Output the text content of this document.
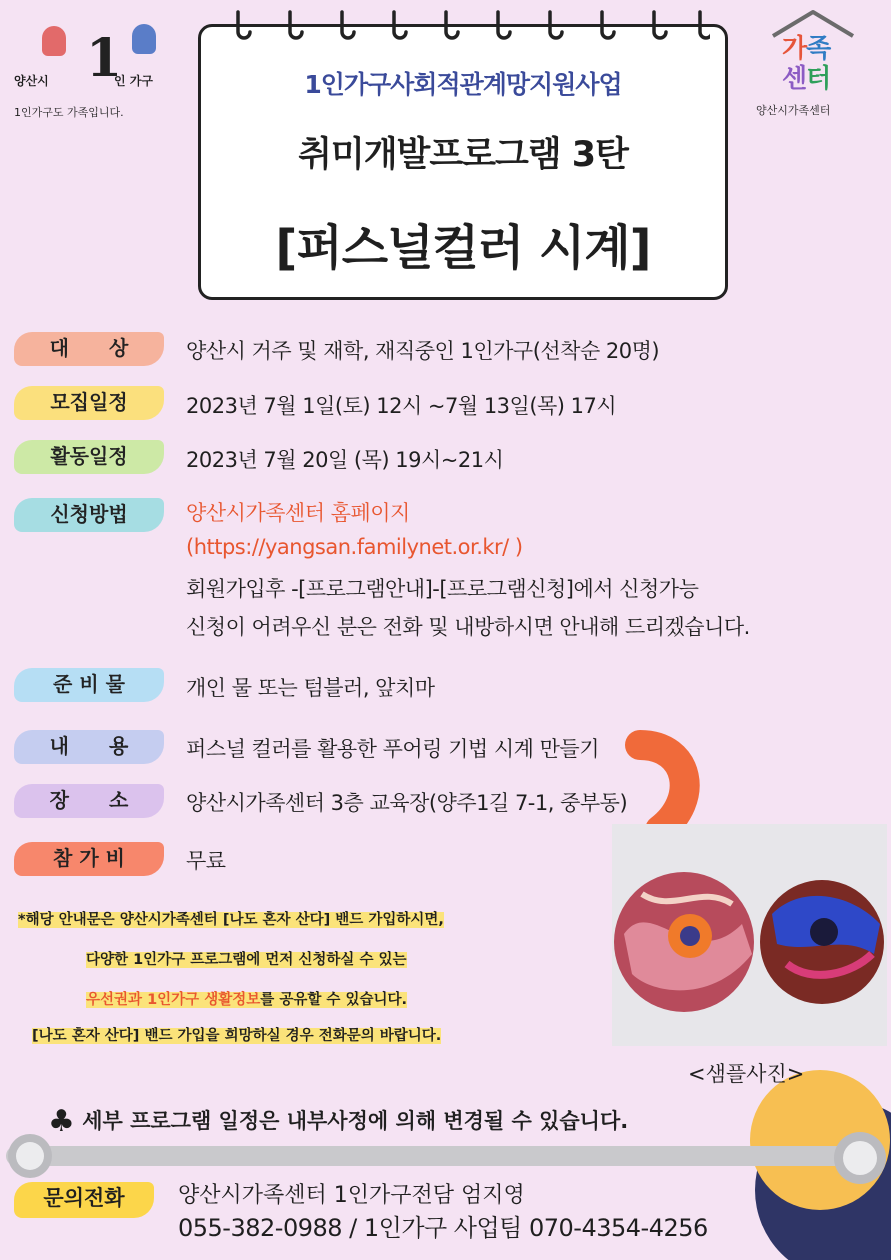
1
양산시	인 가구
1인가구도 가족입니다.
가족
센터
양산시가족센터
1인가구사회적관계망지원사업
취미개발프로그램 3탄
[퍼스널컬러 시계]
대　　상	양산시 거주 및 재학, 재직중인 1인가구(선착순 20명)
모집일정	2023년 7월 1일(토) 12시 ~7월 13일(목) 17시
활동일정	2023년 7월 20일 (목) 19시~21시
신청방법	양산시가족센터 홈페이지
(https://yangsan.familynet.or.kr/ )
회원가입후 -[프로그램안내]-[프로그램신청]에서 신청가능
신청이 어려우신 분은 전화 및 내방하시면 안내해 드리겠습니다.
준 비 물	개인 물 또는 텀블러, 앞치마
내　　용	퍼스널 컬러를 활용한 푸어링 기법 시계 만들기
장　　소	양산시가족센터 3층 교육장(양주1길 7-1, 중부동)
참 가 비	무료
*해당 안내문은 양산시가족센터 [나도 혼자 산다] 밴드 가입하시면,
다양한 1인가구 프로그램에 먼저 신청하실 수 있는
우선권과 1인가구 생활정보를 공유할 수 있습니다.
[나도 혼자 산다] 밴드 가입을 희망하실 경우 전화문의 바랍니다.
<샘플사진>
♣ 세부 프로그램 일정은 내부사정에 의해 변경될 수 있습니다.
문의전화	양산시가족센터 1인가구전담 엄지영
055-382-0988 / 1인가구 사업팀 070-4354-4256
